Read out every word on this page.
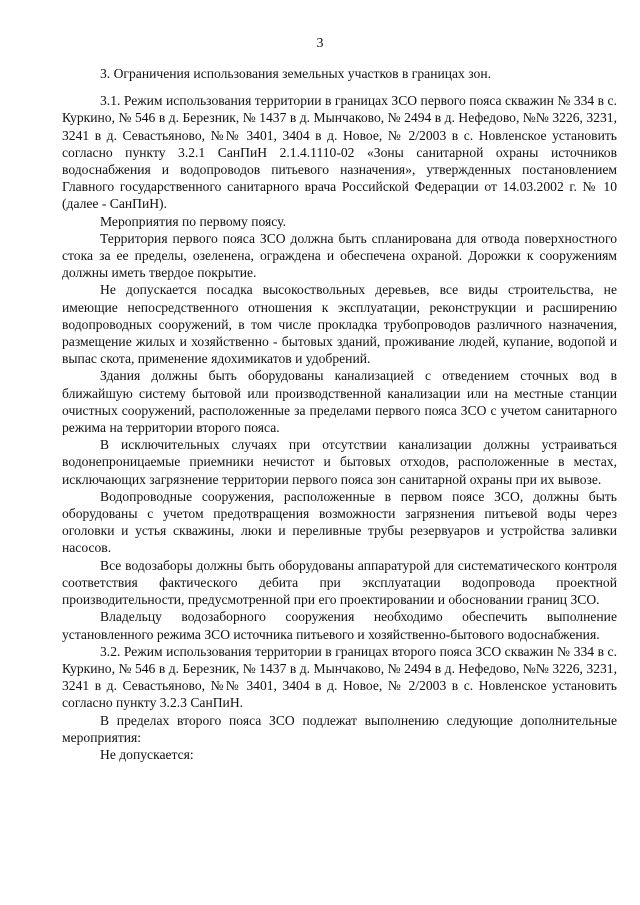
3

3. Ограничения использования земельных участков в границах зон.

3.1. Режим использования территории в границах ЗСО первого пояса скважин № 334 в с. Куркино, № 546 в д. Березник, № 1437 в д. Мынчаково, № 2494 в д. Нефедово, №№ 3226, 3231, 3241 в д. Севастьяново, №№ 3401, 3404 в д. Новое, № 2/2003 в с. Новленское установить согласно пункту 3.2.1 СанПиН 2.1.4.1110-02 «Зоны санитарной охраны источников водоснабжения и водопроводов питьевого назначения», утвержденных постановлением Главного государственного санитарного врача Российской Федерации от 14.03.2002 г. № 10 (далее - СанПиН).

Мероприятия по первому поясу.

Территория первого пояса ЗСО должна быть спланирована для отвода поверхностного стока за ее пределы, озеленена, ограждена и обеспечена охраной. Дорожки к сооружениям должны иметь твердое покрытие.

Не допускается посадка высокоствольных деревьев, все виды строительства, не имеющие непосредственного отношения к эксплуатации, реконструкции и расширению водопроводных сооружений, в том числе прокладка трубопроводов различного назначения, размещение жилых и хозяйственно - бытовых зданий, проживание людей, купание, водопой и выпас скота, применение ядохимикатов и удобрений.

Здания должны быть оборудованы канализацией с отведением сточных вод в ближайшую систему бытовой или производственной канализации или на местные станции очистных сооружений, расположенные за пределами первого пояса ЗСО с учетом санитарного режима на территории второго пояса.

В исключительных случаях при отсутствии канализации должны устраиваться водонепроницаемые приемники нечистот и бытовых отходов, расположенные в местах, исключающих загрязнение территории первого пояса зон санитарной охраны при их вывозе.

Водопроводные сооружения, расположенные в первом поясе ЗСО, должны быть оборудованы с учетом предотвращения возможности загрязнения питьевой воды через оголовки и устья скважины, люки и переливные трубы резервуаров и устройства заливки насосов.

Все водозаборы должны быть оборудованы аппаратурой для систематического контроля соответствия фактического дебита при эксплуатации водопровода проектной производительности, предусмотренной при его проектировании и обосновании границ ЗСО.

Владельцу водозаборного сооружения необходимо обеспечить выполнение установленного режима ЗСО источника питьевого и хозяйственно-бытового водоснабжения.

3.2. Режим использования территории в границах второго пояса ЗСО скважин № 334 в с. Куркино, № 546 в д. Березник, № 1437 в д. Мынчаково, № 2494 в д. Нефедово, №№ 3226, 3231, 3241 в д. Севастьяново, №№ 3401, 3404 в д. Новое, № 2/2003 в с. Новленское установить согласно пункту 3.2.3 СанПиН.

В пределах второго пояса ЗСО подлежат выполнению следующие дополнительные мероприятия:

Не допускается:
